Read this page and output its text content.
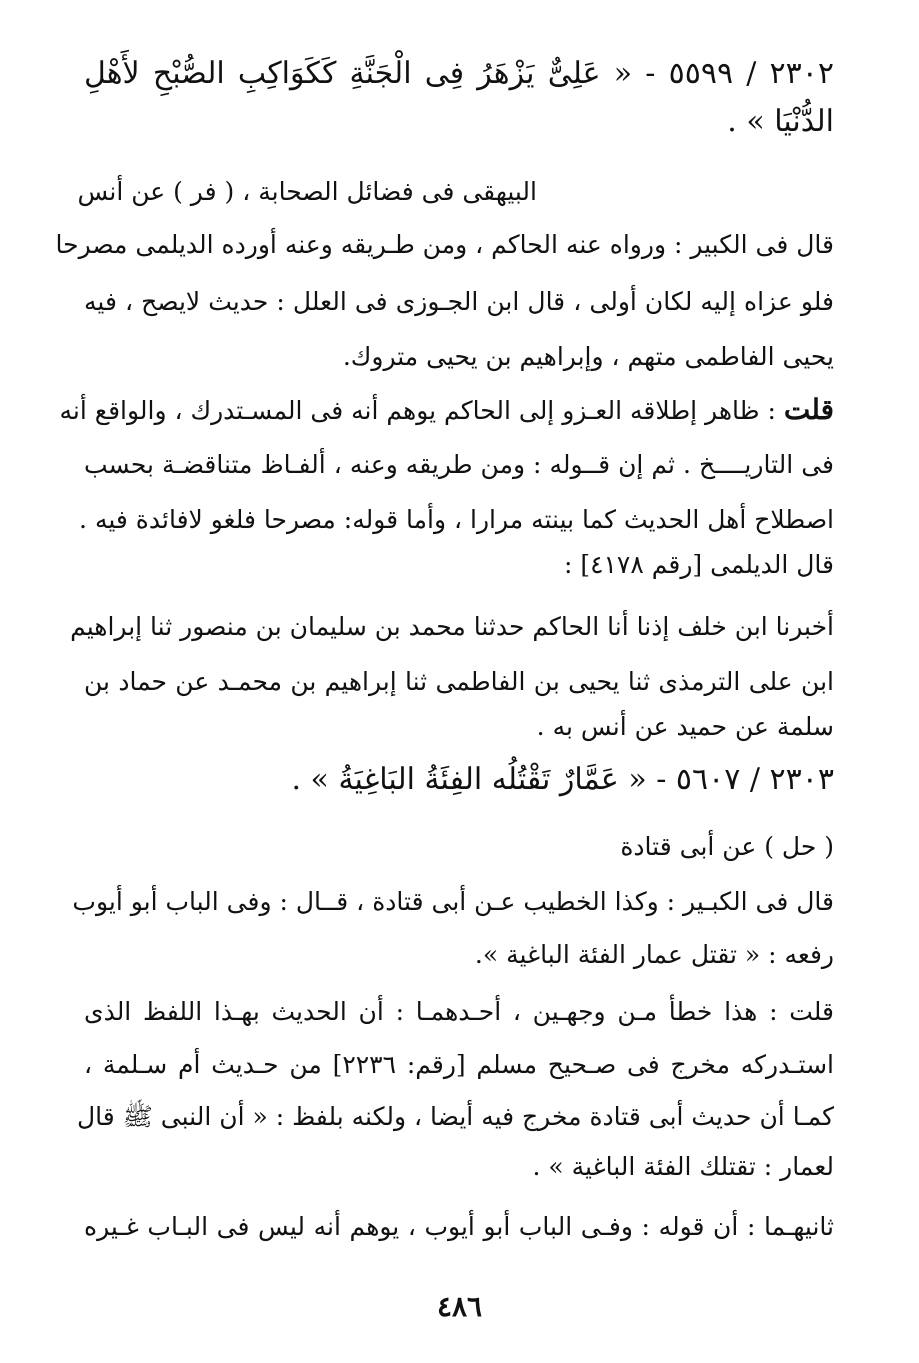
٢٣٠٢ / ٥٥٩٩ - « عَلِىٌّ يَزْهَرُ فِى الْجَنَّةِ كَكَوَاكِبِ الصُّبْحِ لأَهْلِ
الدُّنْيَا » .
البيهقى فى فضائل الصحابة ، ( فر ) عن أنس
قال فى الكبير : ورواه عنه الحاكم ، ومن طـريقه وعنه أورده الديلمى مصرحا
فلو عزاه إليه لكان أولى ، قال ابن الجـوزى فى العلل : حديث لايصح ، فيه
يحيى الفاطمى متهم ، وإبراهيم بن يحيى متروك.
قلت : ظاهر إطلاقه العـزو إلى الحاكم يوهم أنه فى المسـتدرك ، والواقع أنه
فى التاريــــخ . ثم إن قــوله : ومن طريقه وعنه ، ألفـاظ متناقضـة بحسب
اصطلاح أهل الحديث كما بينته مرارا ، وأما قوله: مصرحا فلغو لافائدة فيه .
قال الديلمى [رقم ٤١٧٨] :
أخبرنا ابن خلف إذنا أنا الحاكم حدثنا محمد بن سليمان بن منصور ثنا إبراهيم
ابن على الترمذى ثنا يحيى بن الفاطمى ثنا إبراهيم بن محمـد عن حماد بن
سلمة عن حميد عن أنس به .
٢٣٠٣ / ٥٦٠٧ - « عَمَّارٌ تَقْتُلُه الفِئَةُ البَاغِيَةُ » .
( حل ) عن أبى قتادة
قال فى الكبـير : وكذا الخطيب عـن أبى قتادة ، قــال : وفى الباب أبو أيوب
رفعه : « تقتل عمار الفئة الباغية ».
قلت : هذا خطأ مـن وجهـين ، أحـدهمـا : أن الحديث بهـذا اللفظ الذى
استـدركه مخرج فى صـحيح مسلم [رقم: ٢٢٣٦] من حـديث أم سـلمة ،
كمـا أن حديث أبى قتادة مخرج فيه أيضا ، ولكنه بلفظ : « أن النبى ﷺ قال
لعمار : تقتلك الفئة الباغية » .
ثانيهـما : أن قوله : وفـى الباب أبو أيوب ، يوهم أنه ليس فى البـاب غـيره
٤٨٦
